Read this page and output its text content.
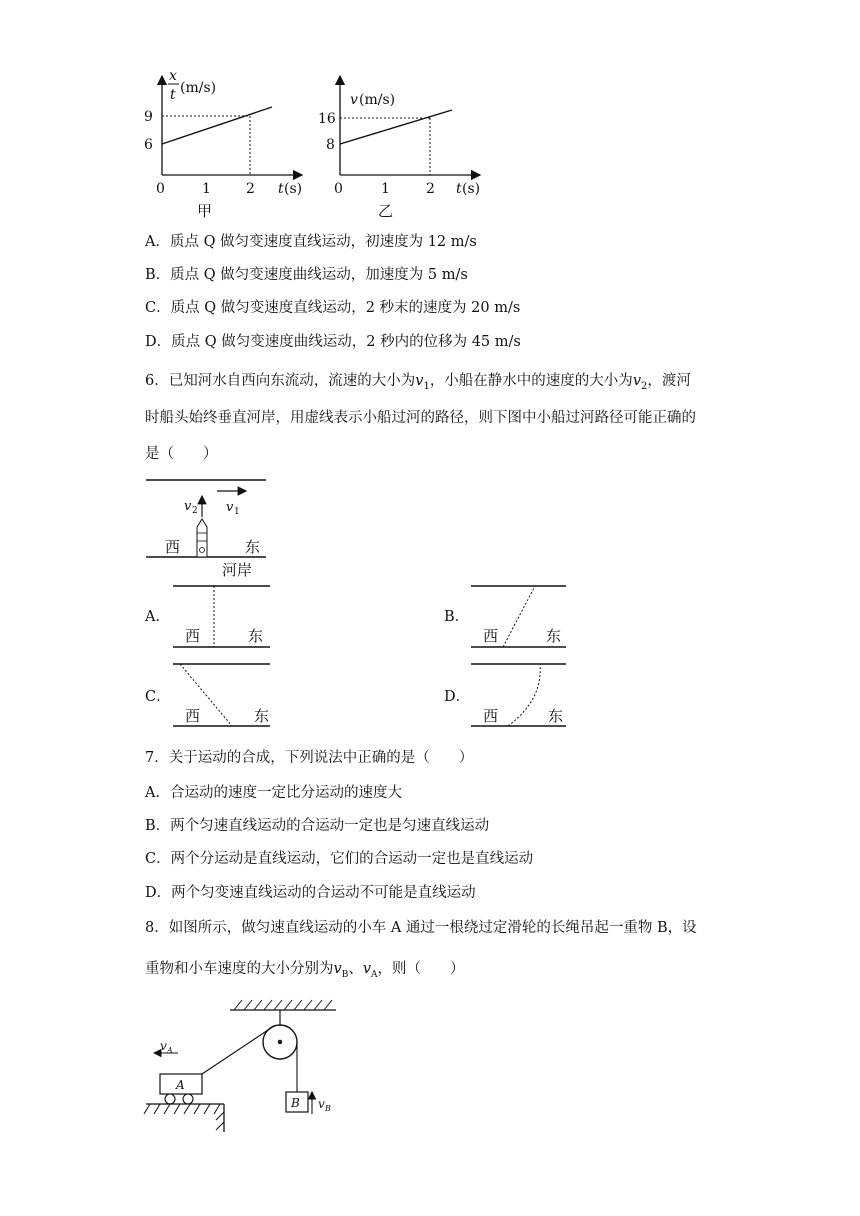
x
t (m/s)
9
6
0	1	2 t (s)
甲
v (m/s)
16
8
0	1	2 t (s)
乙
A．质点 Q 做匀变速度直线运动，初速度为 12 m/s
B．质点 Q 做匀变速度曲线运动，加速度为 5 m/s
C．质点 Q 做匀变速度直线运动，2 秒末的速度为 20 m/s
D．质点 Q 做匀变速度曲线运动，2 秒内的位移为 45 m/s
6．已知河水自西向东流动，流速的大小为$v_1$，小船在静水中的速度的大小为$v_2$，渡河
时船头始终垂直河岸，用虚线表示小船过河的路径，则下图中小船过河路径可能正确的
是（　　）
v 2 v 1
西	东
河岸
A．
西	东
B．
西	东
C．
西	东
D．
西	东
7．关于运动的合成，下列说法中正确的是（　　）
A．合运动的速度一定比分运动的速度大
B．两个匀速直线运动的合运动一定也是匀速直线运动
C．两个分运动是直线运动，它们的合运动一定也是直线运动
D．两个匀变速直线运动的合运动不可能是直线运动
8．如图所示，做匀速直线运动的小车 A 通过一根绕过定滑轮的长绳吊起一重物 B，设
重物和小车速度的大小分别为$v_B$、$v_A$，则（　　）
B v B
A
v A
